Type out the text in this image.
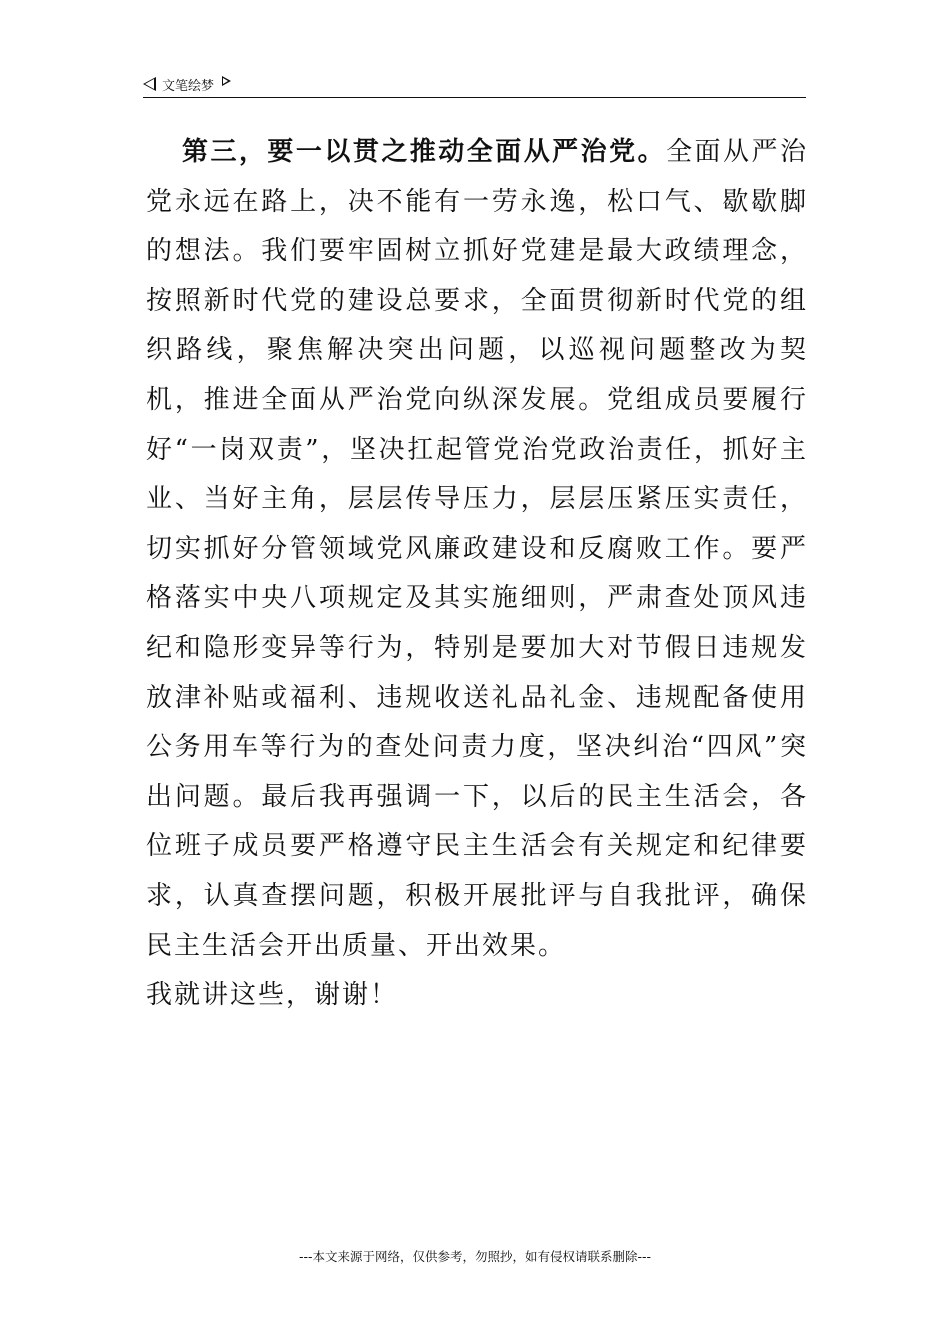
文笔绘梦

第三，要一以贯之推动全面从严治党。全面从严治党永远在路上，决不能有一劳永逸，松口气、歇歇脚的想法。我们要牢固树立抓好党建是最大政绩理念，按照新时代党的建设总要求，全面贯彻新时代党的组织路线，聚焦解决突出问题，以巡视问题整改为契机，推进全面从严治党向纵深发展。党组成员要履行好“一岗双责”，坚决扛起管党治党政治责任，抓好主业、当好主角，层层传导压力，层层压紧压实责任，切实抓好分管领域党风廉政建设和反腐败工作。要严格落实中央八项规定及其实施细则，严肃查处顶风违纪和隐形变异等行为，特别是要加大对节假日违规发放津补贴或福利、违规收送礼品礼金、违规配备使用公务用车等行为的查处问责力度，坚决纠治“四风”突出问题。最后我再强调一下，以后的民主生活会，各位班子成员要严格遵守民主生活会有关规定和纪律要求，认真查摆问题，积极开展批评与自我批评，确保民主生活会开出质量、开出效果。

我就讲这些，谢谢！

---本文来源于网络，仅供参考，勿照抄，如有侵权请联系删除---
